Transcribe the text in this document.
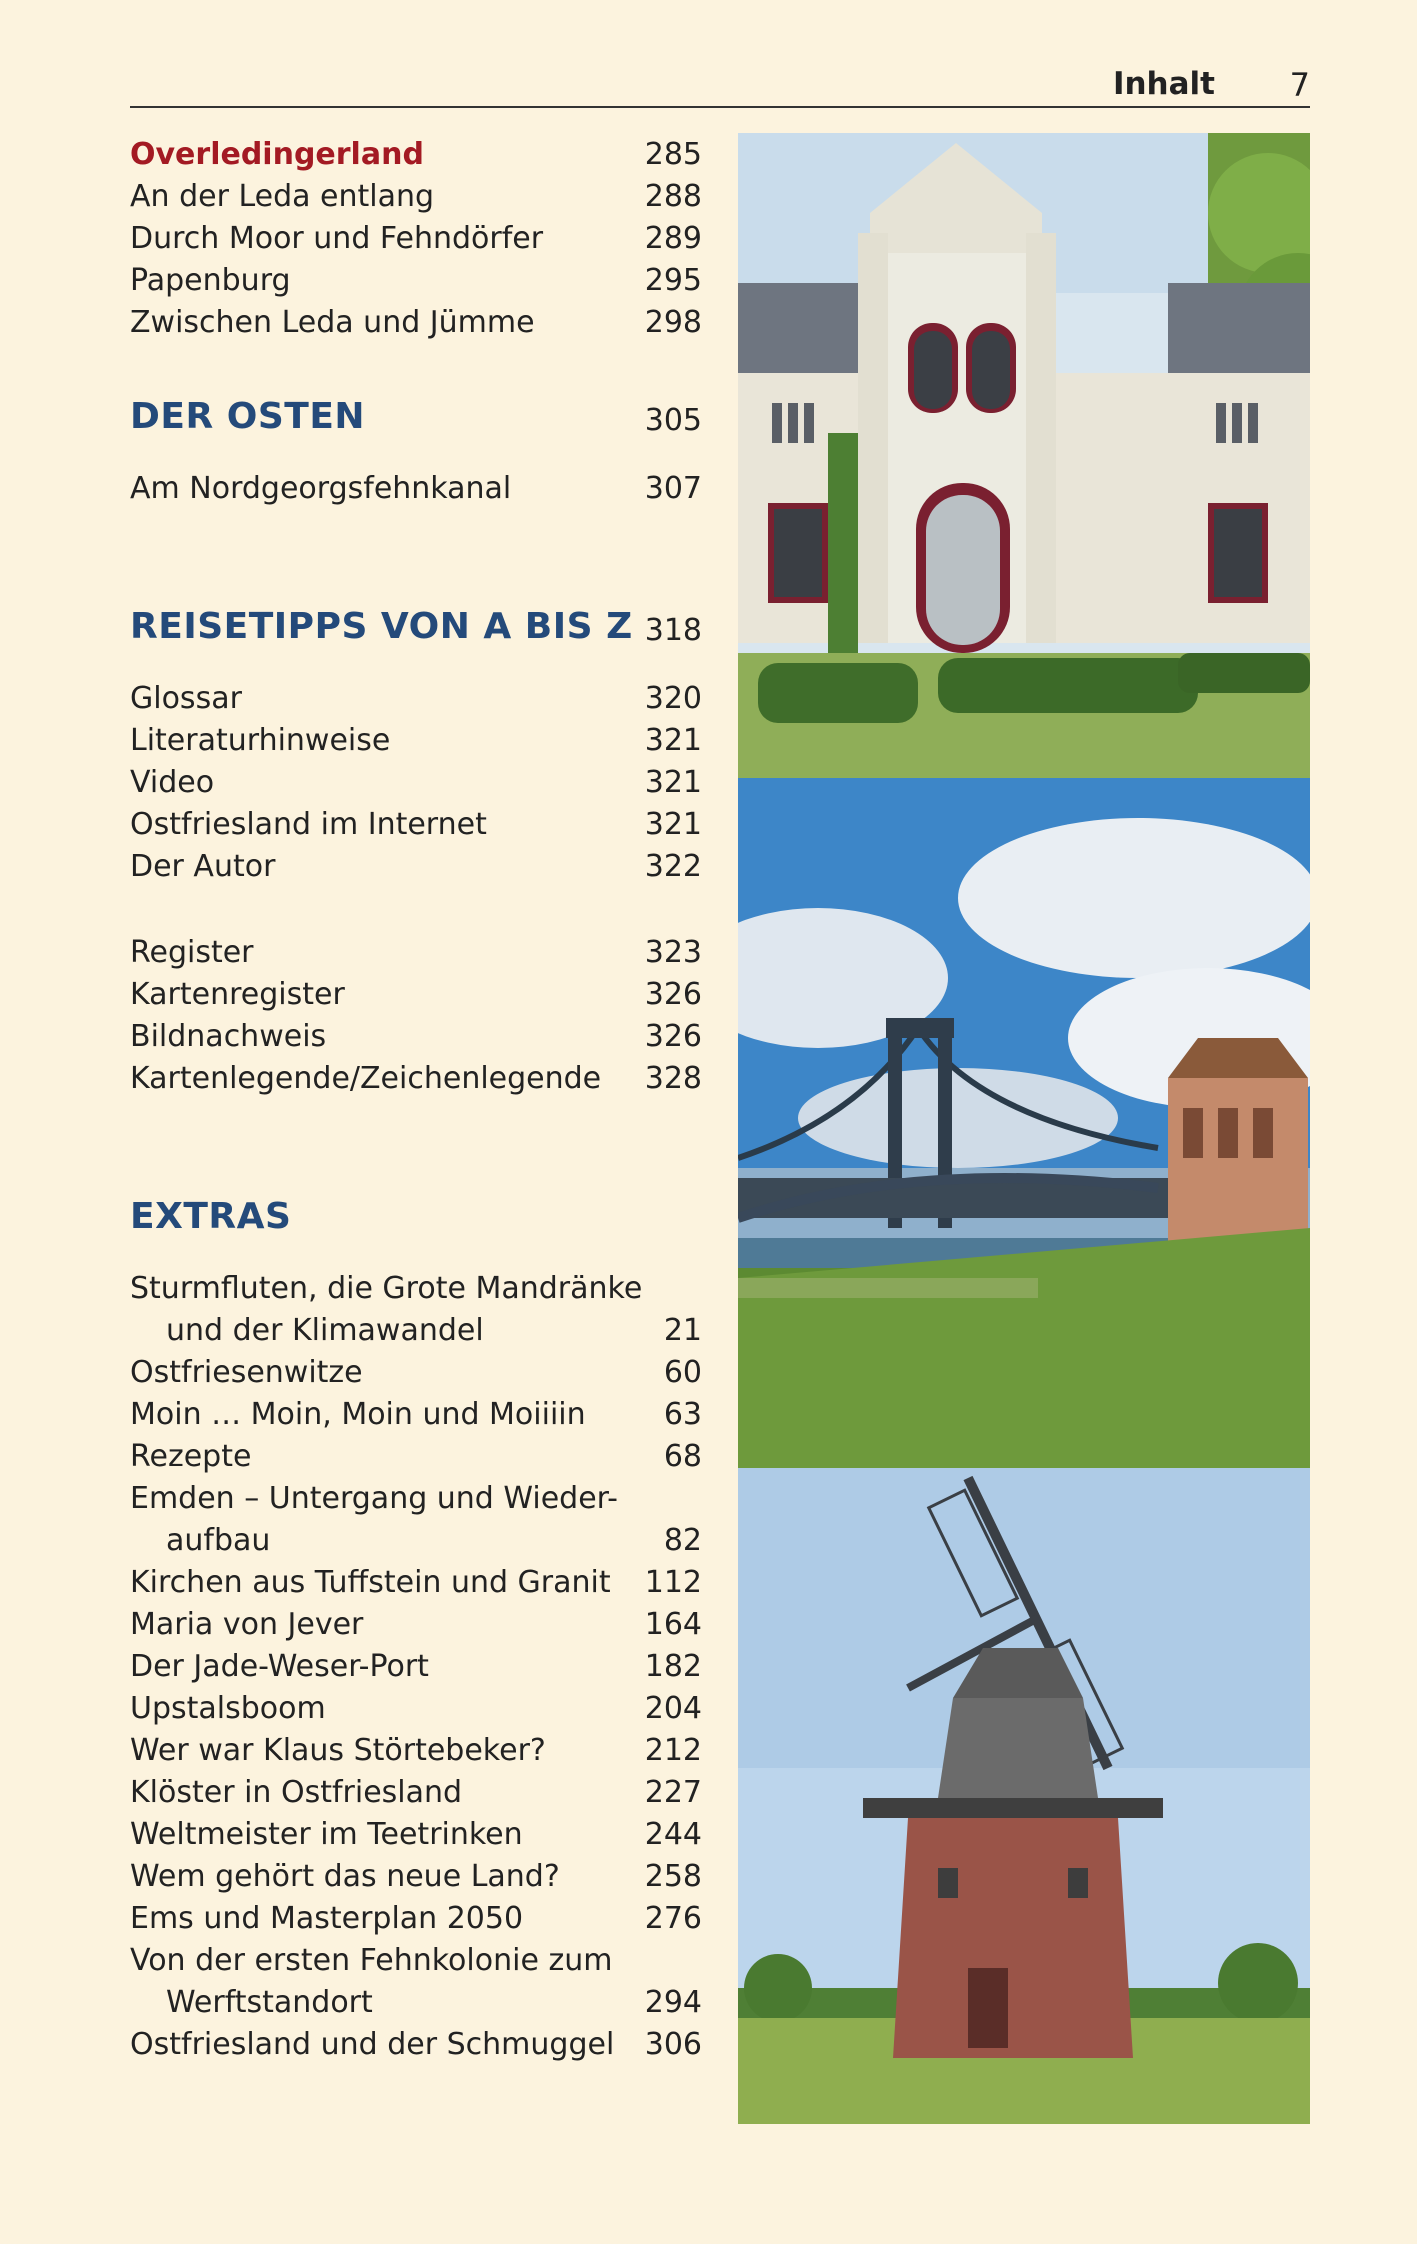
Inhalt 7
Overledingerland	285
An der Leda entlang	288
Durch Moor und Fehndörfer	289
Papenburg	295
Zwischen Leda und Jümme	298
DER OSTEN	305
Am Nordgeorgsfehnkanal	307
REISETIPPS VON A BIS Z 318
Glossar	320
Literaturhinweise	321
Video	321
Ostfriesland im Internet	321
Der Autor	322
Register	323
Kartenregister	326
Bildnachweis	326
Kartenlegende/Zeichenlegende 328
EXTRAS
Sturmfluten, die Grote Mandränke
und der Klimawandel	21
Ostfriesenwitze	60
Moin … Moin, Moin und Moiiiin	63
Rezepte	68
Emden – Untergang und Wieder-
aufbau	82
Kirchen aus Tuffstein und Granit 112
Maria von Jever	164
Der Jade-Weser-Port	182
Upstalsboom	204
Wer war Klaus Störtebeker?	212
Klöster in Ostfriesland	227
Weltmeister im Teetrinken	244
Wem gehört das neue Land?	258
Ems und Masterplan 2050	276
Von der ersten Fehnkolonie zum
Werftstandort	294
Ostfriesland und der Schmuggel 306
